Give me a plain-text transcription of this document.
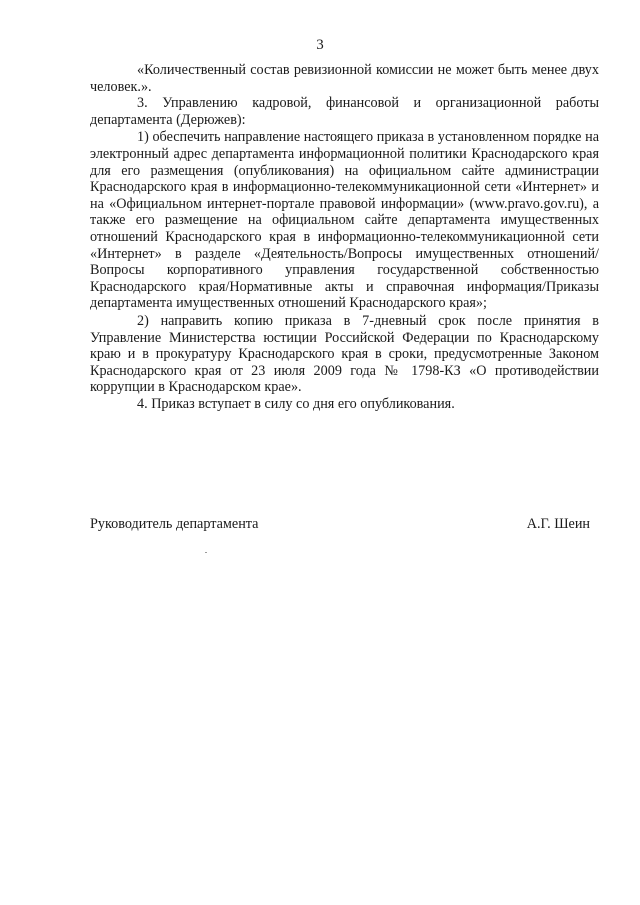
3

«Количественный состав ревизионной комиссии не может быть менее двух человек.».

3. Управлению кадровой, финансовой и организационной работы департамента (Дерюжев):

1) обеспечить направление настоящего приказа в установленном порядке на электронный адрес департамента информационной политики Краснодарского края для его размещения (опубликования) на официальном сайте администрации Краснодарского края в информационно-телекоммуникационной сети «Интернет» и на «Официальном интернет-портале правовой информации» (www.pravo.gov.ru), а также его размещение на официальном сайте департамента имущественных отношений Краснодарского края в информационно-телекоммуникационной сети «Интернет» в разделе «Деятельность/Вопросы имущественных отношений/Вопросы корпоративного управления государственной собственностью Краснодарского края/Нормативные акты и справочная информация/Приказы департамента имущественных отношений Краснодарского края»;

2) направить копию приказа в 7-дневный срок после принятия в Управление Министерства юстиции Российской Федерации по Краснодарскому краю и в прокуратуру Краснодарского края в сроки, предусмотренные Законом Краснодарского края от 23 июля 2009 года № 1798-КЗ «О противодействии коррупции в Краснодарском крае».

4. Приказ вступает в силу со дня его опубликования.

Руководитель департамента	А.Г. Шеин
